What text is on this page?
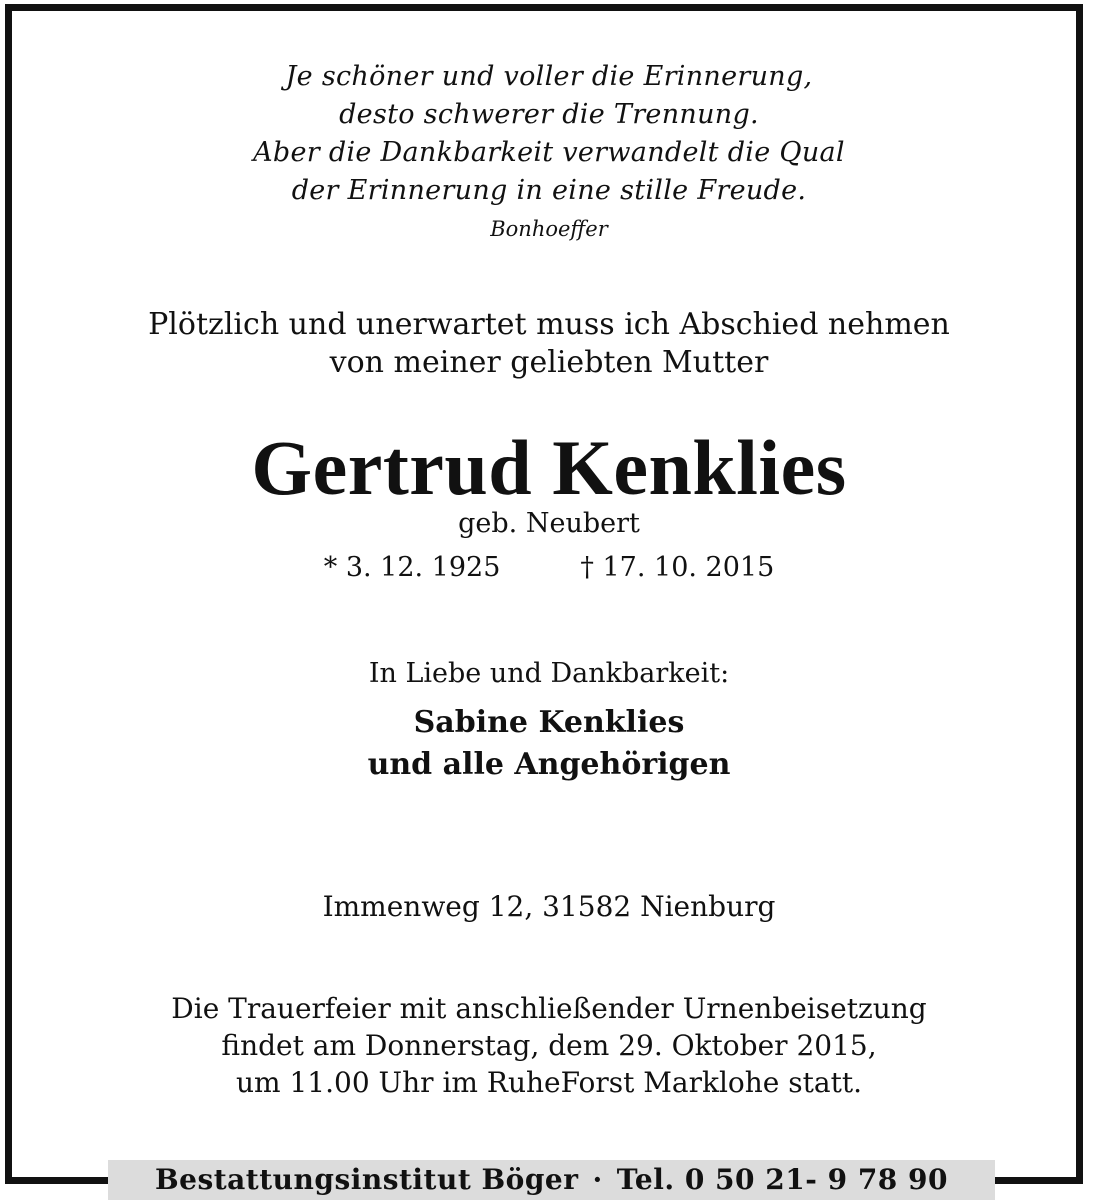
Je schöner und voller die Erinnerung,
desto schwerer die Trennung.
Aber die Dankbarkeit verwandelt die Qual
der Erinnerung in eine stille Freude.
Bonhoeffer
Plötzlich und unerwartet muss ich Abschied nehmen
von meiner geliebten Mutter
Gertrud Kenklies
geb. Neubert
* 3. 12. 1925	† 17. 10. 2015
In Liebe und Dankbarkeit:
Sabine Kenklies
und alle Angehörigen
Immenweg 12, 31582 Nienburg
Die Trauerfeier mit anschließender Urnenbeisetzung
findet am Donnerstag, dem 29. Oktober 2015,
um 11.00 Uhr im RuheForst Marklohe statt.
Bestattungsinstitut Böger · Tel. 0 50 21- 9 78 90
